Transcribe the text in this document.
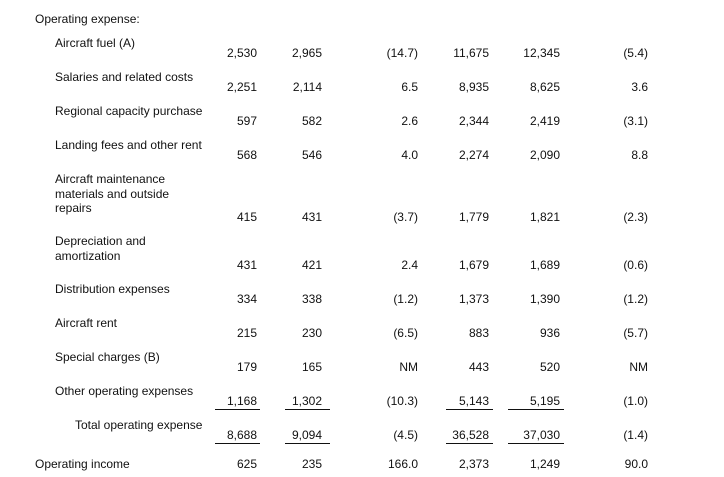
Operating expense:
Aircraft fuel (A)
2,530	2,965	(14.7)	11,675	12,345	(5.4)
Salaries and related costs
2,251	2,114	6.5	8,935	8,625	3.6
Regional capacity purchase
597	582	2.6	2,344	2,419	(3.1)
Landing fees and other rent
568	546	4.0	2,274	2,090	8.8
Aircraft maintenance
materials and outside
repairs
415	431	(3.7)	1,779	1,821	(2.3)
Depreciation and
amortization
431	421	2.4	1,679	1,689	(0.6)
Distribution expenses
334	338	(1.2)	1,373	1,390	(1.2)
Aircraft rent
215	230	(6.5)	883	936	(5.7)
Special charges (B)
179	165	NM	443	520	NM
Other operating expenses
1,168	1,302	(10.3)	5,143	5,195	(1.0)
Total operating expense
8,688	9,094	(4.5)	36,528	37,030	(1.4)
Operating income	625	235	166.0	2,373	1,249	90.0
